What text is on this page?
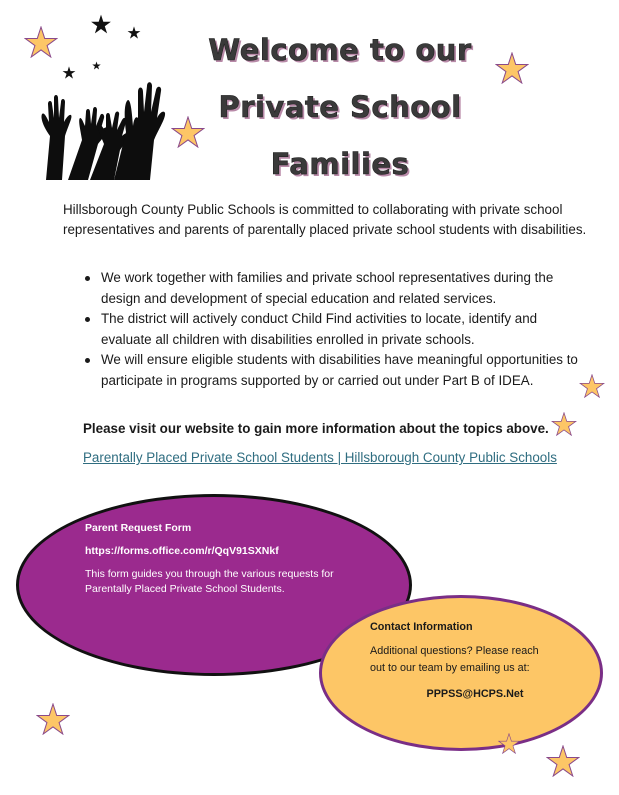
Welcome to our
Private School
Families
Hillsborough County Public Schools is committed to collaborating with private school representatives and parents of parentally placed private school students with disabilities.
We work together with families and private school representatives during the design and development of special education and related services.
The district will actively conduct Child Find activities to locate, identify and evaluate all children with disabilities enrolled in private schools.
We will ensure eligible students with disabilities have meaningful opportunities to participate in programs supported by or carried out under Part B of IDEA.
Please visit our website to gain more information about the topics above.
Parentally Placed Private School Students | Hillsborough County Public Schools
Parent Request Form
https://forms.office.com/r/QqV91SXNkf
This form guides you through the various requests for Parentally Placed Private School Students.
Contact Information
Additional questions? Please reach out to our team by emailing us at:
PPPSS@HCPS.Net
